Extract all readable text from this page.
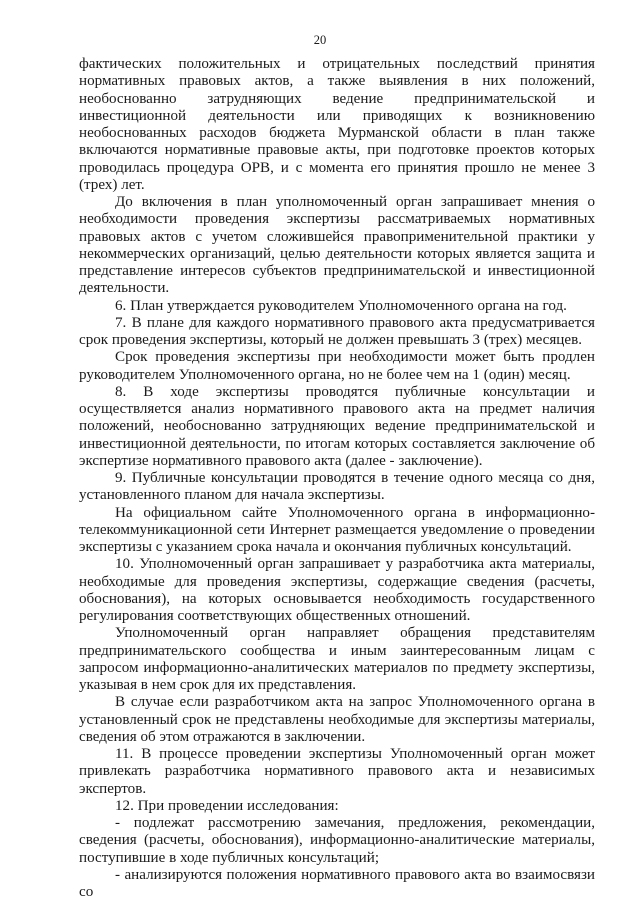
20

фактических положительных и отрицательных последствий принятия нормативных правовых актов, а также выявления в них положений, необоснованно затрудняющих ведение предпринимательской и инвестиционной деятельности или приводящих к возникновению необоснованных расходов бюджета Мурманской области в план также включаются нормативные правовые акты, при подготовке проектов которых проводилась процедура ОРВ, и с момента его принятия прошло не менее 3 (трех) лет.

До включения в план уполномоченный орган запрашивает мнения о необходимости проведения экспертизы рассматриваемых нормативных правовых актов с учетом сложившейся правоприменительной практики у некоммерческих организаций, целью деятельности которых является защита и представление интересов субъектов предпринимательской и инвестиционной деятельности.

6. План утверждается руководителем Уполномоченного органа на год.

7. В плане для каждого нормативного правового акта предусматривается срок проведения экспертизы, который не должен превышать 3 (трех) месяцев.

Срок проведения экспертизы при необходимости может быть продлен руководителем Уполномоченного органа, но не более чем на 1 (один) месяц.

8. В ходе экспертизы проводятся публичные консультации и осуществляется анализ нормативного правового акта на предмет наличия положений, необоснованно затрудняющих ведение предпринимательской и инвестиционной деятельности, по итогам которых составляется заключение об экспертизе нормативного правового акта (далее - заключение).

9. Публичные консультации проводятся в течение одного месяца со дня, установленного планом для начала экспертизы.

На официальном сайте Уполномоченного органа в информационно-телекоммуникационной сети Интернет размещается уведомление о проведении экспертизы с указанием срока начала и окончания публичных консультаций.

10. Уполномоченный орган запрашивает у разработчика акта материалы, необходимые для проведения экспертизы, содержащие сведения (расчеты, обоснования), на которых основывается необходимость государственного регулирования соответствующих общественных отношений.

Уполномоченный орган направляет обращения представителям предпринимательского сообщества и иным заинтересованным лицам с запросом информационно-аналитических материалов по предмету экспертизы, указывая в нем срок для их представления.

В случае если разработчиком акта на запрос Уполномоченного органа в установленный срок не представлены необходимые для экспертизы материалы, сведения об этом отражаются в заключении.

11. В процессе проведении экспертизы Уполномоченный орган может привлекать разработчика нормативного правового акта и независимых экспертов.

12. При проведении исследования:

- подлежат рассмотрению замечания, предложения, рекомендации, сведения (расчеты, обоснования), информационно-аналитические материалы, поступившие в ходе публичных консультаций;

- анализируются положения нормативного правового акта во взаимосвязи со
